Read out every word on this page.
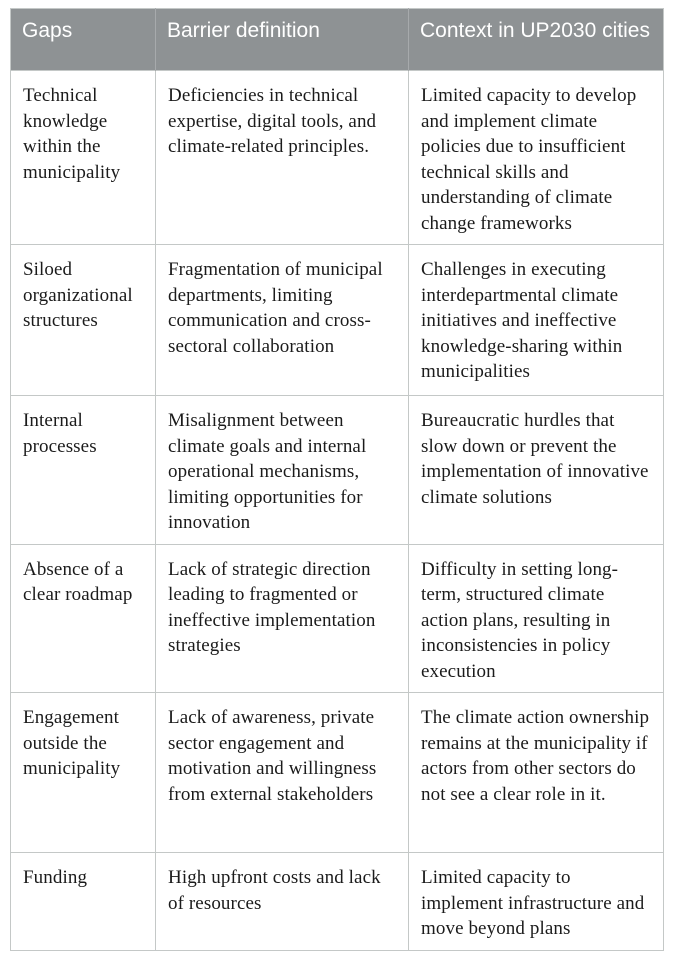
Gaps	Barrier definition	Context in UP2030 cities
Technical knowledge within the municipality	Deficiencies in technical expertise, digital tools, and climate-related principles.	Limited capacity to develop and implement climate policies due to insufficient technical skills and understanding of climate change frameworks
Siloed organizational structures	Fragmentation of municipal departments, limiting communication and cross-sectoral collaboration	Challenges in executing interdepartmental climate initiatives and ineffective knowledge-sharing within municipalities
Internal processes	Misalignment between climate goals and internal operational mechanisms, limiting opportunities for innovation	Bureaucratic hurdles that slow down or prevent the implementation of innovative climate solutions
Absence of a clear roadmap	Lack of strategic direction leading to fragmented or ineffective implementation strategies	Difficulty in setting long-term, structured climate action plans, resulting in inconsistencies in policy execution
Engagement outside the municipality	Lack of awareness, private sector engagement and motivation and willingness from external stakeholders	The climate action ownership remains at the municipality if actors from other sectors do not see a clear role in it.
Funding	High upfront costs and lack of resources	Limited capacity to implement infrastructure and move beyond plans
